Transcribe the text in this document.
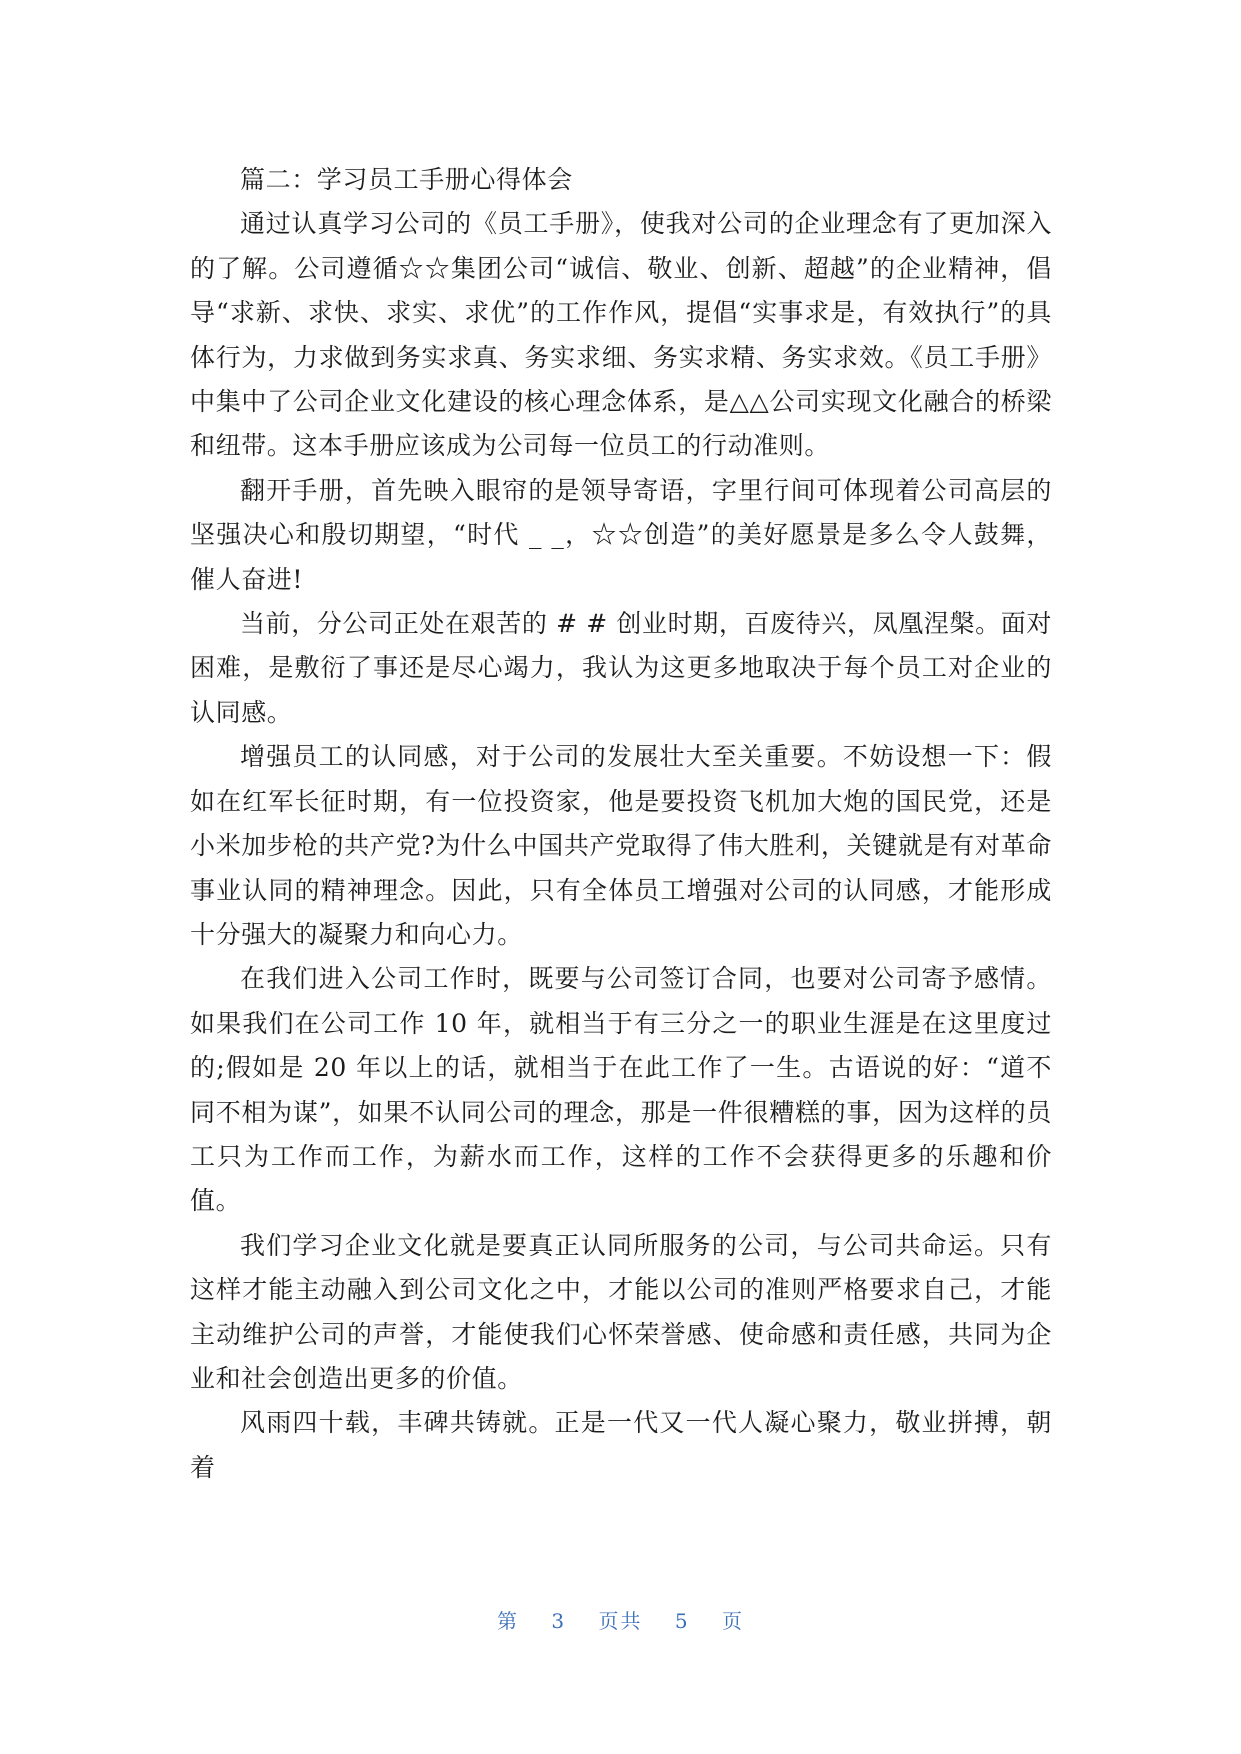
篇二：学习员工手册心得体会

通过认真学习公司的《员工手册》，使我对公司的企业理念有了更加深入的了解。公司遵循☆☆集团公司“诚信、敬业、创新、超越”的企业精神，倡导“求新、求快、求实、求优”的工作作风，提倡“实事求是，有效执行”的具体行为，力求做到务实求真、务实求细、务实求精、务实求效。《员工手册》中集中了公司企业文化建设的核心理念体系，是△△公司实现文化融合的桥梁和纽带。这本手册应该成为公司每一位员工的行动准则。

翻开手册，首先映入眼帘的是领导寄语，字里行间可体现着公司高层的坚强决心和殷切期望，“时代 _ _，☆☆创造”的美好愿景是多么令人鼓舞，催人奋进!

当前，分公司正处在艰苦的 # # 创业时期，百废待兴，凤凰涅槃。面对困难，是敷衍了事还是尽心竭力，我认为这更多地取决于每个员工对企业的认同感。

增强员工的认同感，对于公司的发展壮大至关重要。不妨设想一下：假如在红军长征时期，有一位投资家，他是要投资飞机加大炮的国民党，还是小米加步枪的共产党?为什么中国共产党取得了伟大胜利，关键就是有对革命事业认同的精神理念。因此，只有全体员工增强对公司的认同感，才能形成十分强大的凝聚力和向心力。

在我们进入公司工作时，既要与公司签订合同，也要对公司寄予感情。如果我们在公司工作 10 年，就相当于有三分之一的职业生涯是在这里度过的;假如是 20 年以上的话，就相当于在此工作了一生。古语说的好：“道不同不相为谋”，如果不认同公司的理念，那是一件很糟糕的事，因为这样的员工只为工作而工作，为薪水而工作，这样的工作不会获得更多的乐趣和价值。

我们学习企业文化就是要真正认同所服务的公司，与公司共命运。只有这样才能主动融入到公司文化之中，才能以公司的准则严格要求自己，才能主动维护公司的声誉，才能使我们心怀荣誉感、使命感和责任感，共同为企业和社会创造出更多的价值。

风雨四十载，丰碑共铸就。正是一代又一代人凝心聚力，敬业拼搏，朝着

第 3 页共 5 页
